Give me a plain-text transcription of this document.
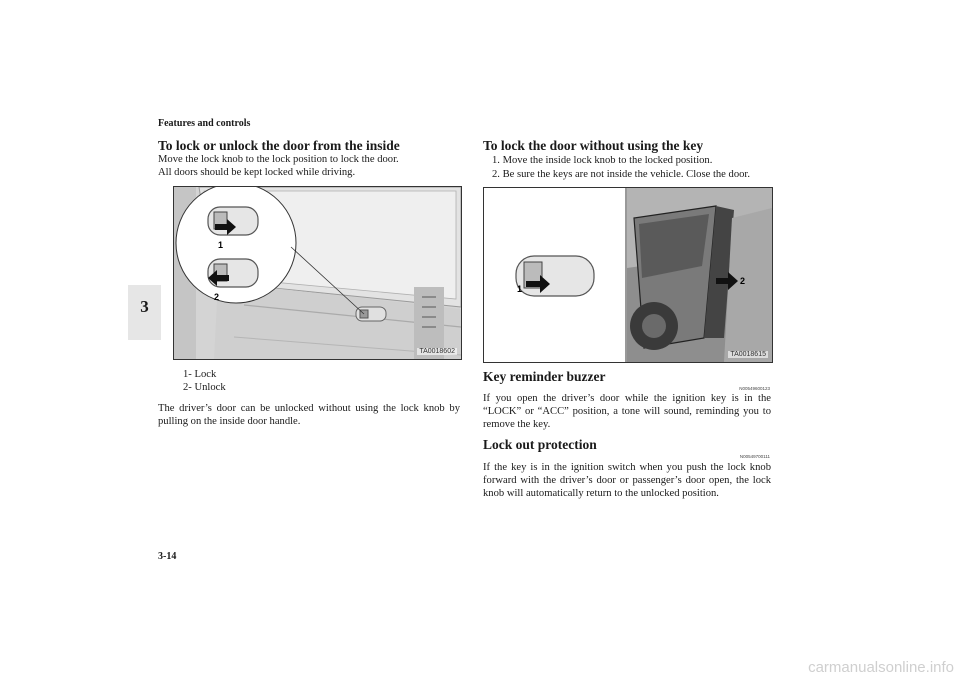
Features and controls
3
To lock or unlock the door from the inside
Move the lock knob to the lock position to lock the door.
All doors should be kept locked while driving.
1
2
TA0018602
1- Lock
2- Unlock
The driver’s door can be unlocked without using the lock knob by pulling on the inside door handle.
To lock the door without using the key
1. Move the inside lock knob to the locked position.
2. Be sure the keys are not inside the vehicle. Close the door.
1
2
TA0018615
Key reminder buzzer
N00549600123
If you open the driver’s door while the ignition key is in the “LOCK” or “ACC” position, a tone will sound, reminding you to remove the key.
Lock out protection
N00549700111
If the key is in the ignition switch when you push the lock knob forward with the driver’s door or passenger’s door open, the lock knob will automatically return to the unlocked position.
3-14
carmanualsonline.info
